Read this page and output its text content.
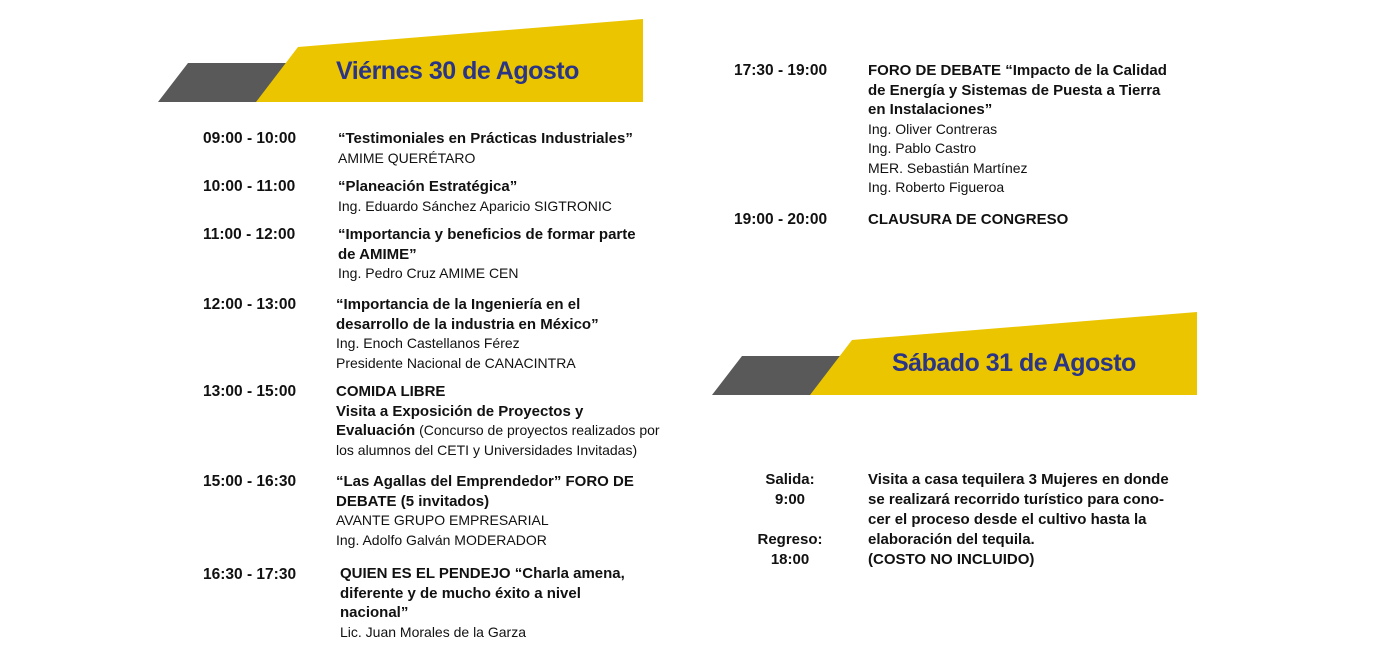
Viérnes 30 de Agosto
09:00 - 10:00	“Testimoniales en Prácticas Industriales”
AMIME QUERÉTARO
10:00 - 11:00	“Planeación Estratégica”
Ing. Eduardo Sánchez Aparicio SIGTRONIC
11:00 - 12:00	“Importancia y beneficios de formar parte
de AMIME”
Ing. Pedro Cruz AMIME CEN
12:00 - 13:00	“Importancia de la Ingeniería en el
desarrollo de la industria en México”
Ing. Enoch Castellanos Férez
Presidente Nacional de CANACINTRA
13:00 - 15:00	COMIDA LIBRE
Visita a Exposición de Proyectos y
Evaluación (Concurso de proyectos realizados por
los alumnos del CETI y Universidades Invitadas)
15:00 - 16:30	“Las Agallas del Emprendedor” FORO DE
DEBATE (5 invitados)
AVANTE GRUPO EMPRESARIAL
Ing. Adolfo Galván MODERADOR
16:30 - 17:30	QUIEN ES EL PENDEJO “Charla amena,
diferente y de mucho éxito a nivel
nacional”
Lic. Juan Morales de la Garza
17:30 - 19:00	FORO DE DEBATE “Impacto de la Calidad
de Energía y Sistemas de Puesta a Tierra
en Instalaciones”
Ing. Oliver Contreras
Ing. Pablo Castro
MER. Sebastián Martínez
Ing. Roberto Figueroa
19:00 - 20:00	CLAUSURA DE CONGRESO
Sábado 31 de Agosto
Salida:
9:00
Regreso:
18:00
Visita a casa tequilera 3 Mujeres en donde
se realizará recorrido turístico para cono-
cer el proceso desde el cultivo hasta la
elaboración del tequila.
(COSTO NO INCLUIDO)
